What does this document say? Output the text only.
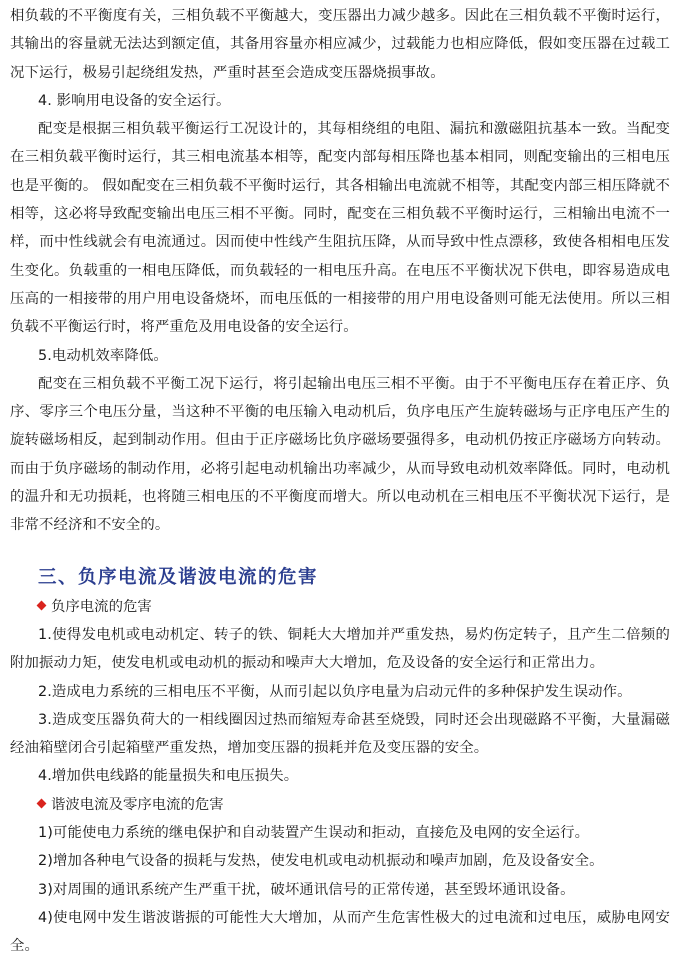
相负载的不平衡度有关，三相负载不平衡越大，变压器出力减少越多。因此在三相负载不平衡时运行，其输出的容量就无法达到额定值，其备用容量亦相应减少，过载能力也相应降低，假如变压器在过载工况下运行，极易引起绕组发热，严重时甚至会造成变压器烧损事故。

4. 影响用电设备的安全运行。

配变是根据三相负载平衡运行工况设计的，其每相绕组的电阻、漏抗和激磁阻抗基本一致。当配变在三相负载平衡时运行，其三相电流基本相等，配变内部每相压降也基本相同，则配变输出的三相电压也是平衡的。 假如配变在三相负载不平衡时运行，其各相输出电流就不相等，其配变内部三相压降就不相等，这必将导致配变输出电压三相不平衡。同时，配变在三相负载不平衡时运行，三相输出电流不一样，而中性线就会有电流通过。因而使中性线产生阻抗压降，从而导致中性点漂移，致使各相相电压发生变化。负载重的一相电压降低，而负载轻的一相电压升高。在电压不平衡状况下供电，即容易造成电压高的一相接带的用户用电设备烧坏，而电压低的一相接带的用户用电设备则可能无法使用。所以三相负载不平衡运行时，将严重危及用电设备的安全运行。

5.电动机效率降低。

配变在三相负载不平衡工况下运行，将引起输出电压三相不平衡。由于不平衡电压存在着正序、负序、零序三个电压分量，当这种不平衡的电压输入电动机后，负序电压产生旋转磁场与正序电压产生的旋转磁场相反，起到制动作用。但由于正序磁场比负序磁场要强得多，电动机仍按正序磁场方向转动。而由于负序磁场的制动作用，必将引起电动机输出功率减少，从而导致电动机效率降低。同时，电动机的温升和无功损耗，也将随三相电压的不平衡度而增大。所以电动机在三相电压不平衡状况下运行，是非常不经济和不安全的。

三、负序电流及谐波电流的危害
负序电流的危害

1.使得发电机或电动机定、转子的铁、铜耗大大增加并严重发热，易灼伤定转子，且产生二倍频的附加振动力矩，使发电机或电动机的振动和噪声大大增加，危及设备的安全运行和正常出力。

2.造成电力系统的三相电压不平衡，从而引起以负序电量为启动元件的多种保护发生误动作。

3.造成变压器负荷大的一相线圈因过热而缩短寿命甚至烧毁，同时还会出现磁路不平衡，大量漏磁经油箱壁闭合引起箱壁严重发热，增加变压器的损耗并危及变压器的安全。

4.增加供电线路的能量损失和电压损失。

谐波电流及零序电流的危害

1)可能使电力系统的继电保护和自动装置产生误动和拒动，直接危及电网的安全运行。

2)增加各种电气设备的损耗与发热，使发电机或电动机振动和噪声加剧，危及设备安全。

3)对周围的通讯系统产生严重干扰，破坏通讯信号的正常传递，甚至毁坏通讯设备。

4)使电网中发生谐波谐振的可能性大大增加，从而产生危害性极大的过电流和过电压，威胁电网安全。
